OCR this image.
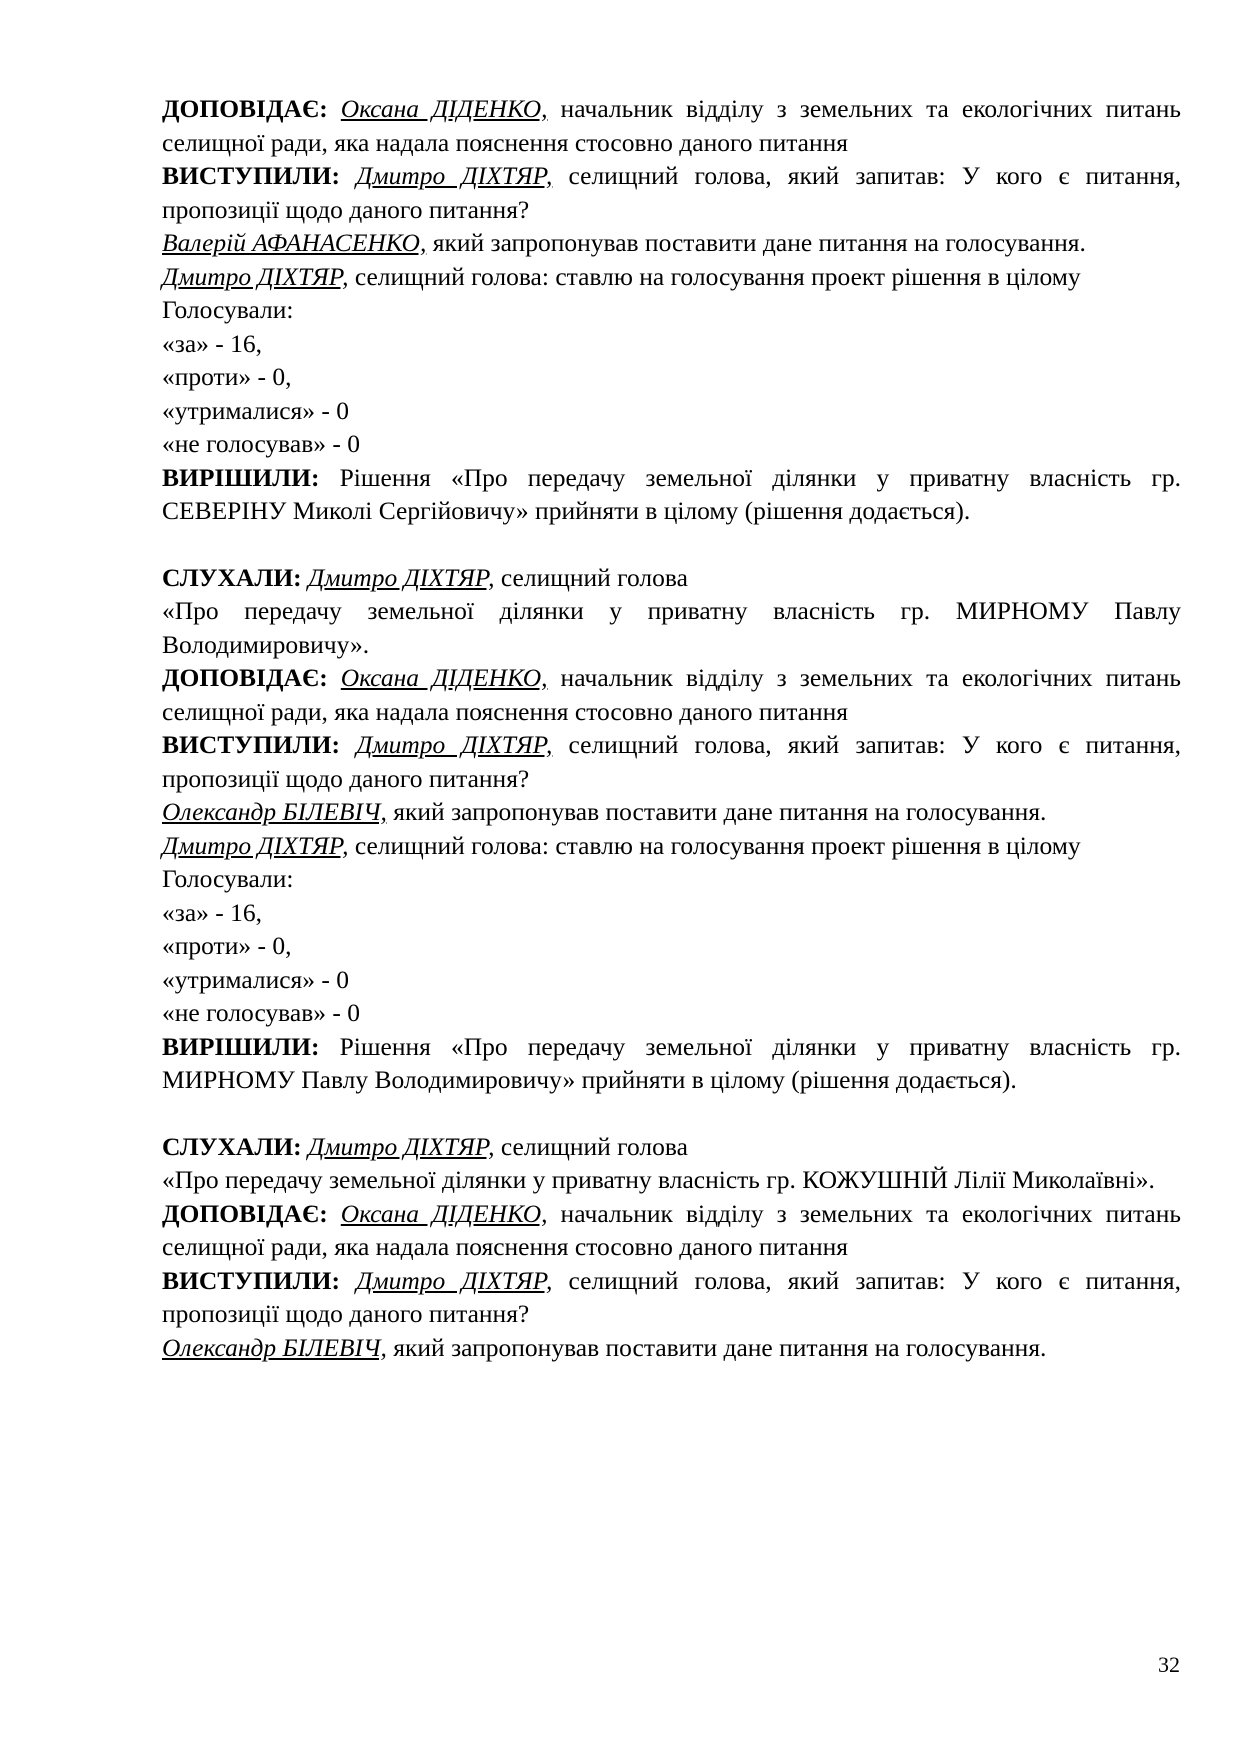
ДОПОВІДАЄ: Оксана ДІДЕНКО, начальник відділу з земельних та екологічних питань селищної ради, яка надала пояснення стосовно даного питання

ВИСТУПИЛИ: Дмитро ДІХТЯР, селищний голова, який запитав: У кого є питання, пропозиції щодо даного питання?

Валерій АФАНАСЕНКО, який запропонував поставити дане питання на голосування.

Дмитро ДІХТЯР, селищний голова: ставлю на голосування проект рішення в цілому

Голосували:

«за» - 16,

«проти» - 0,

«утрималися» - 0

«не голосував» - 0

ВИРІШИЛИ: Рішення «Про передачу земельної ділянки у приватну власність гр. СЕВЕРІНУ Миколі Сергійовичу» прийняти в цілому (рішення додається).

СЛУХАЛИ: Дмитро ДІХТЯР, селищний голова

«Про передачу земельної ділянки у приватну власність гр. МИРНОМУ Павлу Володимировичу».

ДОПОВІДАЄ: Оксана ДІДЕНКО, начальник відділу з земельних та екологічних питань селищної ради, яка надала пояснення стосовно даного питання

ВИСТУПИЛИ: Дмитро ДІХТЯР, селищний голова, який запитав: У кого є питання, пропозиції щодо даного питання?

Олександр БІЛЕВІЧ, який запропонував поставити дане питання на голосування.

Дмитро ДІХТЯР, селищний голова: ставлю на голосування проект рішення в цілому

Голосували:

«за» - 16,

«проти» - 0,

«утрималися» - 0

«не голосував» - 0

ВИРІШИЛИ: Рішення «Про передачу земельної ділянки у приватну власність гр. МИРНОМУ Павлу Володимировичу» прийняти в цілому (рішення додається).

СЛУХАЛИ: Дмитро ДІХТЯР, селищний голова

«Про передачу земельної ділянки у приватну власність гр. КОЖУШНІЙ Лілії Миколаївні».

ДОПОВІДАЄ: Оксана ДІДЕНКО, начальник відділу з земельних та екологічних питань селищної ради, яка надала пояснення стосовно даного питання

ВИСТУПИЛИ: Дмитро ДІХТЯР, селищний голова, який запитав: У кого є питання, пропозиції щодо даного питання?

Олександр БІЛЕВІЧ, який запропонував поставити дане питання на голосування.

32
